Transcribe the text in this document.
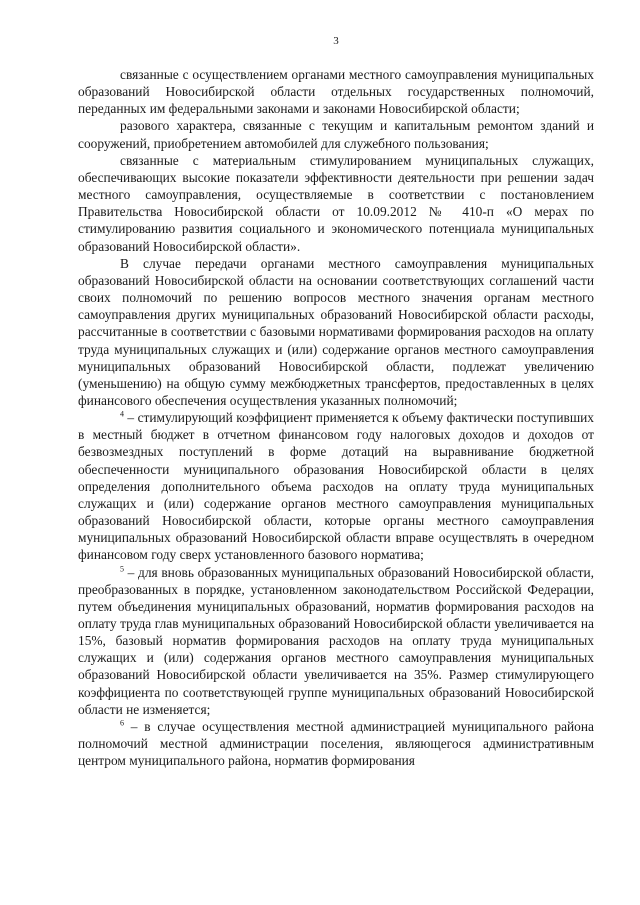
3

связанные с осуществлением органами местного самоуправления муниципальных образований Новосибирской области отдельных государственных полномочий, переданных им федеральными законами и законами Новосибирской области;

разового характера, связанные с текущим и капитальным ремонтом зданий и сооружений, приобретением автомобилей для служебного пользования;

связанные с материальным стимулированием муниципальных служащих, обеспечивающих высокие показатели эффективности деятельности при решении задач местного самоуправления, осуществляемые в соответствии с постановлением Правительства Новосибирской области от 10.09.2012 № 410-п «О мерах по стимулированию развития социального и экономического потенциала муниципальных образований Новосибирской области».

В случае передачи органами местного самоуправления муниципальных образований Новосибирской области на основании соответствующих соглашений части своих полномочий по решению вопросов местного значения органам местного самоуправления других муниципальных образований Новосибирской области расходы, рассчитанные в соответствии с базовыми нормативами формирования расходов на оплату труда муниципальных служащих и (или) содержание органов местного самоуправления муниципальных образований Новосибирской области, подлежат увеличению (уменьшению) на общую сумму межбюджетных трансфертов, предоставленных в целях финансового обеспечения осуществления указанных полномочий;

$^4$ – стимулирующий коэффициент применяется к объему фактически поступивших в местный бюджет в отчетном финансовом году налоговых доходов и доходов от безвозмездных поступлений в форме дотаций на выравнивание бюджетной обеспеченности муниципального образования Новосибирской области в целях определения дополнительного объема расходов на оплату труда муниципальных служащих и (или) содержание органов местного самоуправления муниципальных образований Новосибирской области, которые органы местного самоуправления муниципальных образований Новосибирской области вправе осуществлять в очередном финансовом году сверх установленного базового норматива;

$^5$ – для вновь образованных муниципальных образований Новосибирской области, преобразованных в порядке, установленном законодательством Российской Федерации, путем объединения муниципальных образований, норматив формирования расходов на оплату труда глав муниципальных образований Новосибирской области увеличивается на 15%, базовый норматив формирования расходов на оплату труда муниципальных служащих и (или) содержания органов местного самоуправления муниципальных образований Новосибирской области увеличивается на 35%. Размер стимулирующего коэффициента по соответствующей группе муниципальных образований Новосибирской области не изменяется;

$^6$ – в случае осуществления местной администрацией муниципального района полномочий местной администрации поселения, являющегося административным центром муниципального района, норматив формирования
